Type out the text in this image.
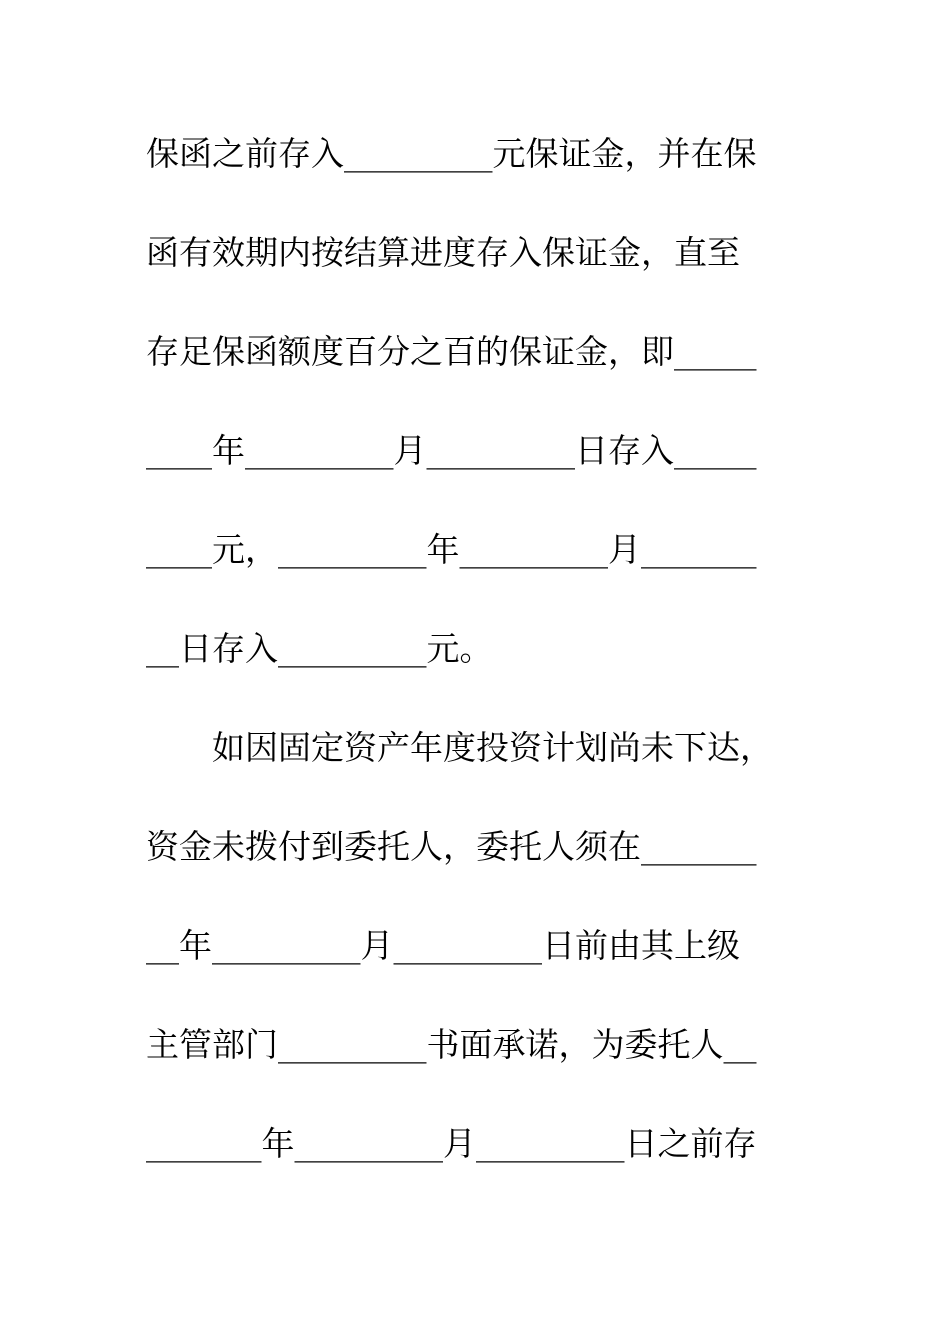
保函之前存入_________元保证金，并在保
函有效期内按结算进度存入保证金，直至
存足保函额度百分之百的保证金，即_____
____年_________月_________日存入_____
____元，_________年_________月_______
__日存入_________元。
　　如因固定资产年度投资计划尚未下达，
资金未拨付到委托人，委托人须在_______
__年_________月_________日前由其上级
主管部门_________书面承诺，为委托人__
_______年_________月_________日之前存
